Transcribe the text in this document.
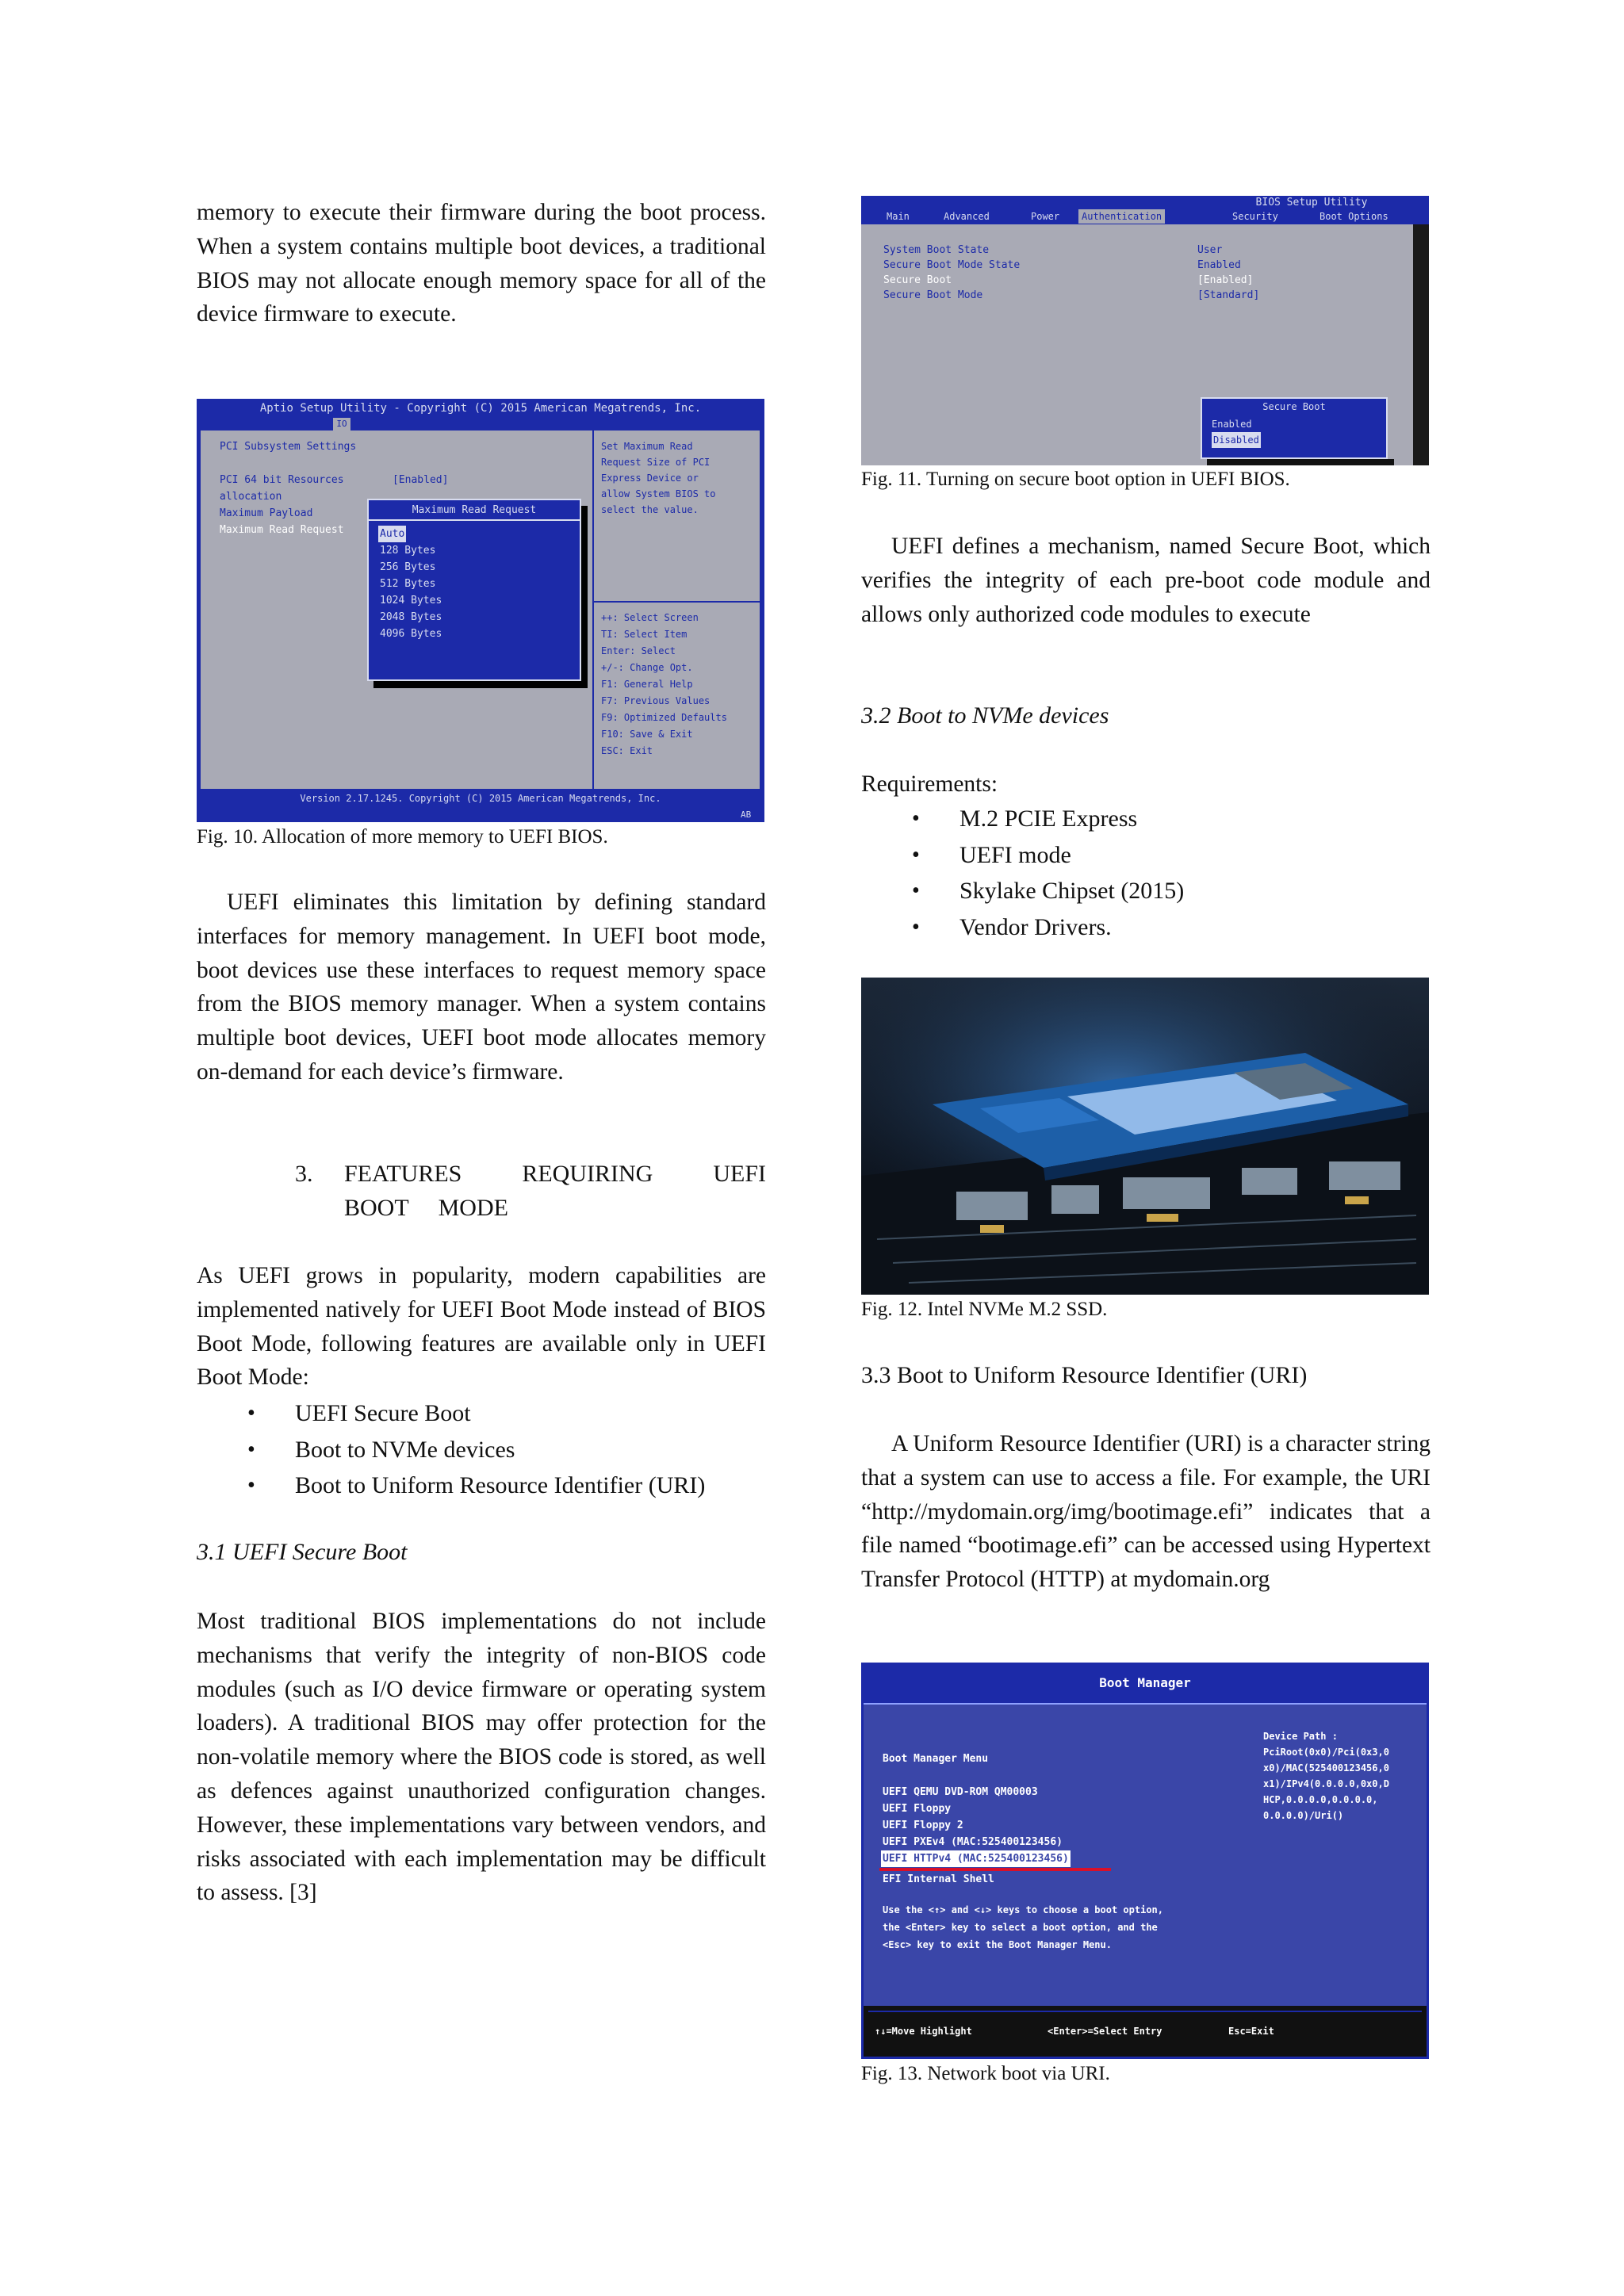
memory to execute their firmware during the boot process. When a system contains multiple boot devices, a traditional BIOS may not allocate enough memory space for all of the device firmware to execute.

Aptio Setup Utility - Copyright (C) 2015 American Megatrends, Inc.
IO
PCI Subsystem Settings
PCI 64 bit Resources	[Enabled]
allocation
Maximum Payload
Maximum Read Request
Set Maximum Read
Request Size of PCI
Express Device or
allow System BIOS to
select the value.
++: Select Screen
TI: Select Item
Enter: Select
+/-: Change Opt.
F1: General Help
F7: Previous Values
F9: Optimized Defaults
F10: Save & Exit
ESC: Exit
Maximum Read Request
Auto
128 Bytes
256 Bytes
512 Bytes
1024 Bytes
2048 Bytes
4096 Bytes
Version 2.17.1245. Copyright (C) 2015 American Megatrends, Inc.
AB

Fig. 10. Allocation of more memory to UEFI BIOS.

UEFI eliminates this limitation by defining standard interfaces for memory management. In UEFI boot mode, boot devices use these interfaces to request memory space from the BIOS memory manager. When a system contains multiple boot devices, UEFI boot mode allocates memory on-demand for each device’s firmware.

3. FEATURES REQUIRING UEFI BOOT MODE

As UEFI grows in popularity, modern capabilities are implemented natively for UEFI Boot Mode instead of BIOS Boot Mode, following features are available only in UEFI Boot Mode:

• UEFI Secure Boot
• Boot to NVMe devices
• Boot to Uniform Resource Identifier (URI)

3.1 UEFI Secure Boot

Most traditional BIOS implementations do not include mechanisms that verify the integrity of non-BIOS code modules (such as I/O device firmware or operating system loaders). A traditional BIOS may offer protection for the non-volatile memory where the BIOS code is stored, as well as defences against unauthorized configuration changes. However, these implementations vary between vendors, and risks associated with each implementation may be difficult to assess. [3]

BIOS Setup Utility
Main	Advanced	Power	Authentication	Security	Boot Options
System Boot State	User
Secure Boot Mode State	Enabled
Secure Boot	[Enabled]
Secure Boot Mode	[Standard]
Secure Boot
Enabled
Disabled

Fig. 11. Turning on secure boot option in UEFI BIOS.

UEFI defines a mechanism, named Secure Boot, which verifies the integrity of each pre-boot code module and allows only authorized code modules to execute

3.2 Boot to NVMe devices

Requirements:

• M.2 PCIE Express
• UEFI mode
• Skylake Chipset (2015)
• Vendor Drivers.

Fig. 12. Intel NVMe M.2 SSD.

3.3 Boot to Uniform Resource Identifier (URI)

A Uniform Resource Identifier (URI) is a character string that a system can use to access a file. For example, the URI “http://mydomain.org/img/bootimage.efi” indicates that a file named “bootimage.efi” can be accessed using Hypertext Transfer Protocol (HTTP) at mydomain.org

Boot Manager
Boot Manager Menu
UEFI QEMU DVD-ROM QM00003
UEFI Floppy
UEFI Floppy 2
UEFI PXEv4 (MAC:525400123456)
UEFI HTTPv4 (MAC:525400123456)
EFI Internal Shell
Device Path :
PciRoot(0x0)/Pci(0x3,0
x0)/MAC(525400123456,0
x1)/IPv4(0.0.0.0,0x0,D
HCP,0.0.0.0,0.0.0.0,
0.0.0.0)/Uri()
Use the <↑> and <↓> keys to choose a boot option,
the <Enter> key to select a boot option, and the
<Esc> key to exit the Boot Manager Menu.
↑↓=Move Highlight	<Enter>=Select Entry	Esc=Exit

Fig. 13. Network boot via URI.
